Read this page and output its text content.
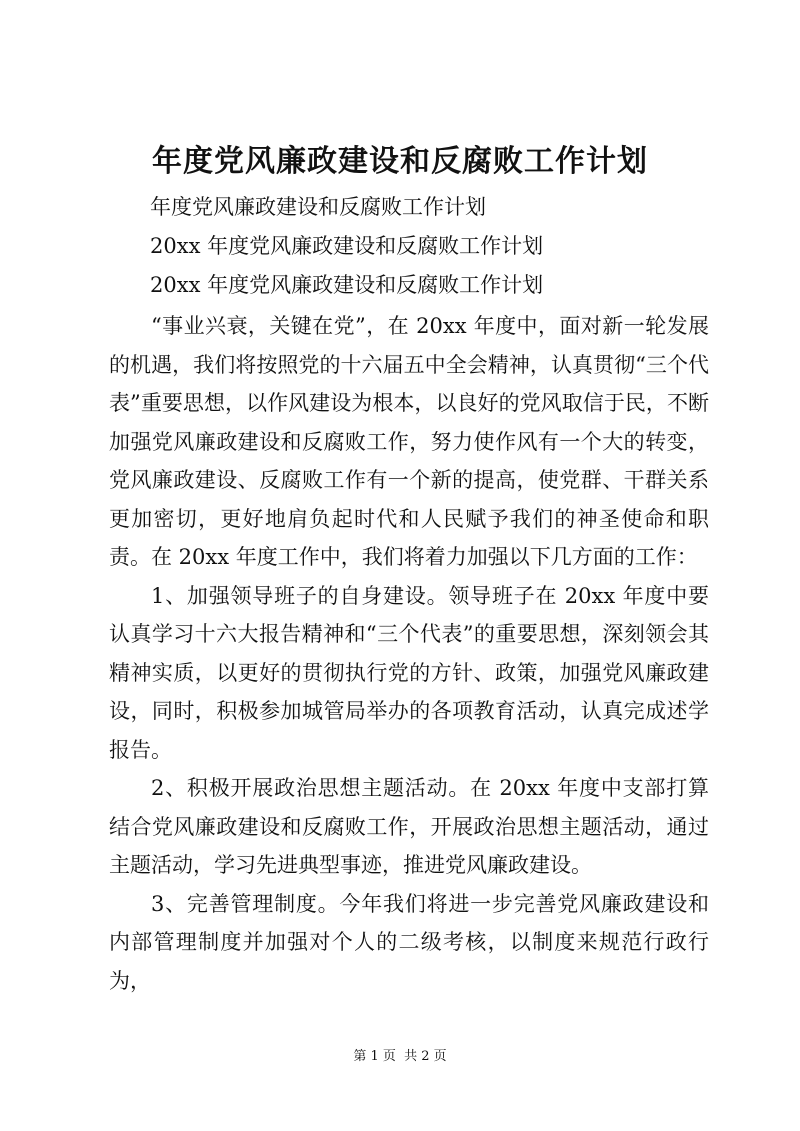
年度党风廉政建设和反腐败工作计划

年度党风廉政建设和反腐败工作计划

20xx 年度党风廉政建设和反腐败工作计划

20xx 年度党风廉政建设和反腐败工作计划

“事业兴衰，关键在党”，在 20xx 年度中，面对新一轮发展的机遇，我们将按照党的十六届五中全会精神，认真贯彻“三个代表”重要思想，以作风建设为根本，以良好的党风取信于民，不断加强党风廉政建设和反腐败工作，努力使作风有一个大的转变，党风廉政建设、反腐败工作有一个新的提高，使党群、干群关系更加密切，更好地肩负起时代和人民赋予我们的神圣使命和职责。在 20xx 年度工作中，我们将着力加强以下几方面的工作：

1、加强领导班子的自身建设。领导班子在 20xx 年度中要认真学习十六大报告精神和“三个代表”的重要思想，深刻领会其精神实质，以更好的贯彻执行党的方针、政策，加强党风廉政建设，同时，积极参加城管局举办的各项教育活动，认真完成述学报告。

2、积极开展政治思想主题活动。在 20xx 年度中支部打算结合党风廉政建设和反腐败工作，开展政治思想主题活动，通过主题活动，学习先进典型事迹，推进党风廉政建设。

3、完善管理制度。今年我们将进一步完善党风廉政建设和内部管理制度并加强对个人的二级考核，以制度来规范行政行为，

第 1 页  共 2 页
